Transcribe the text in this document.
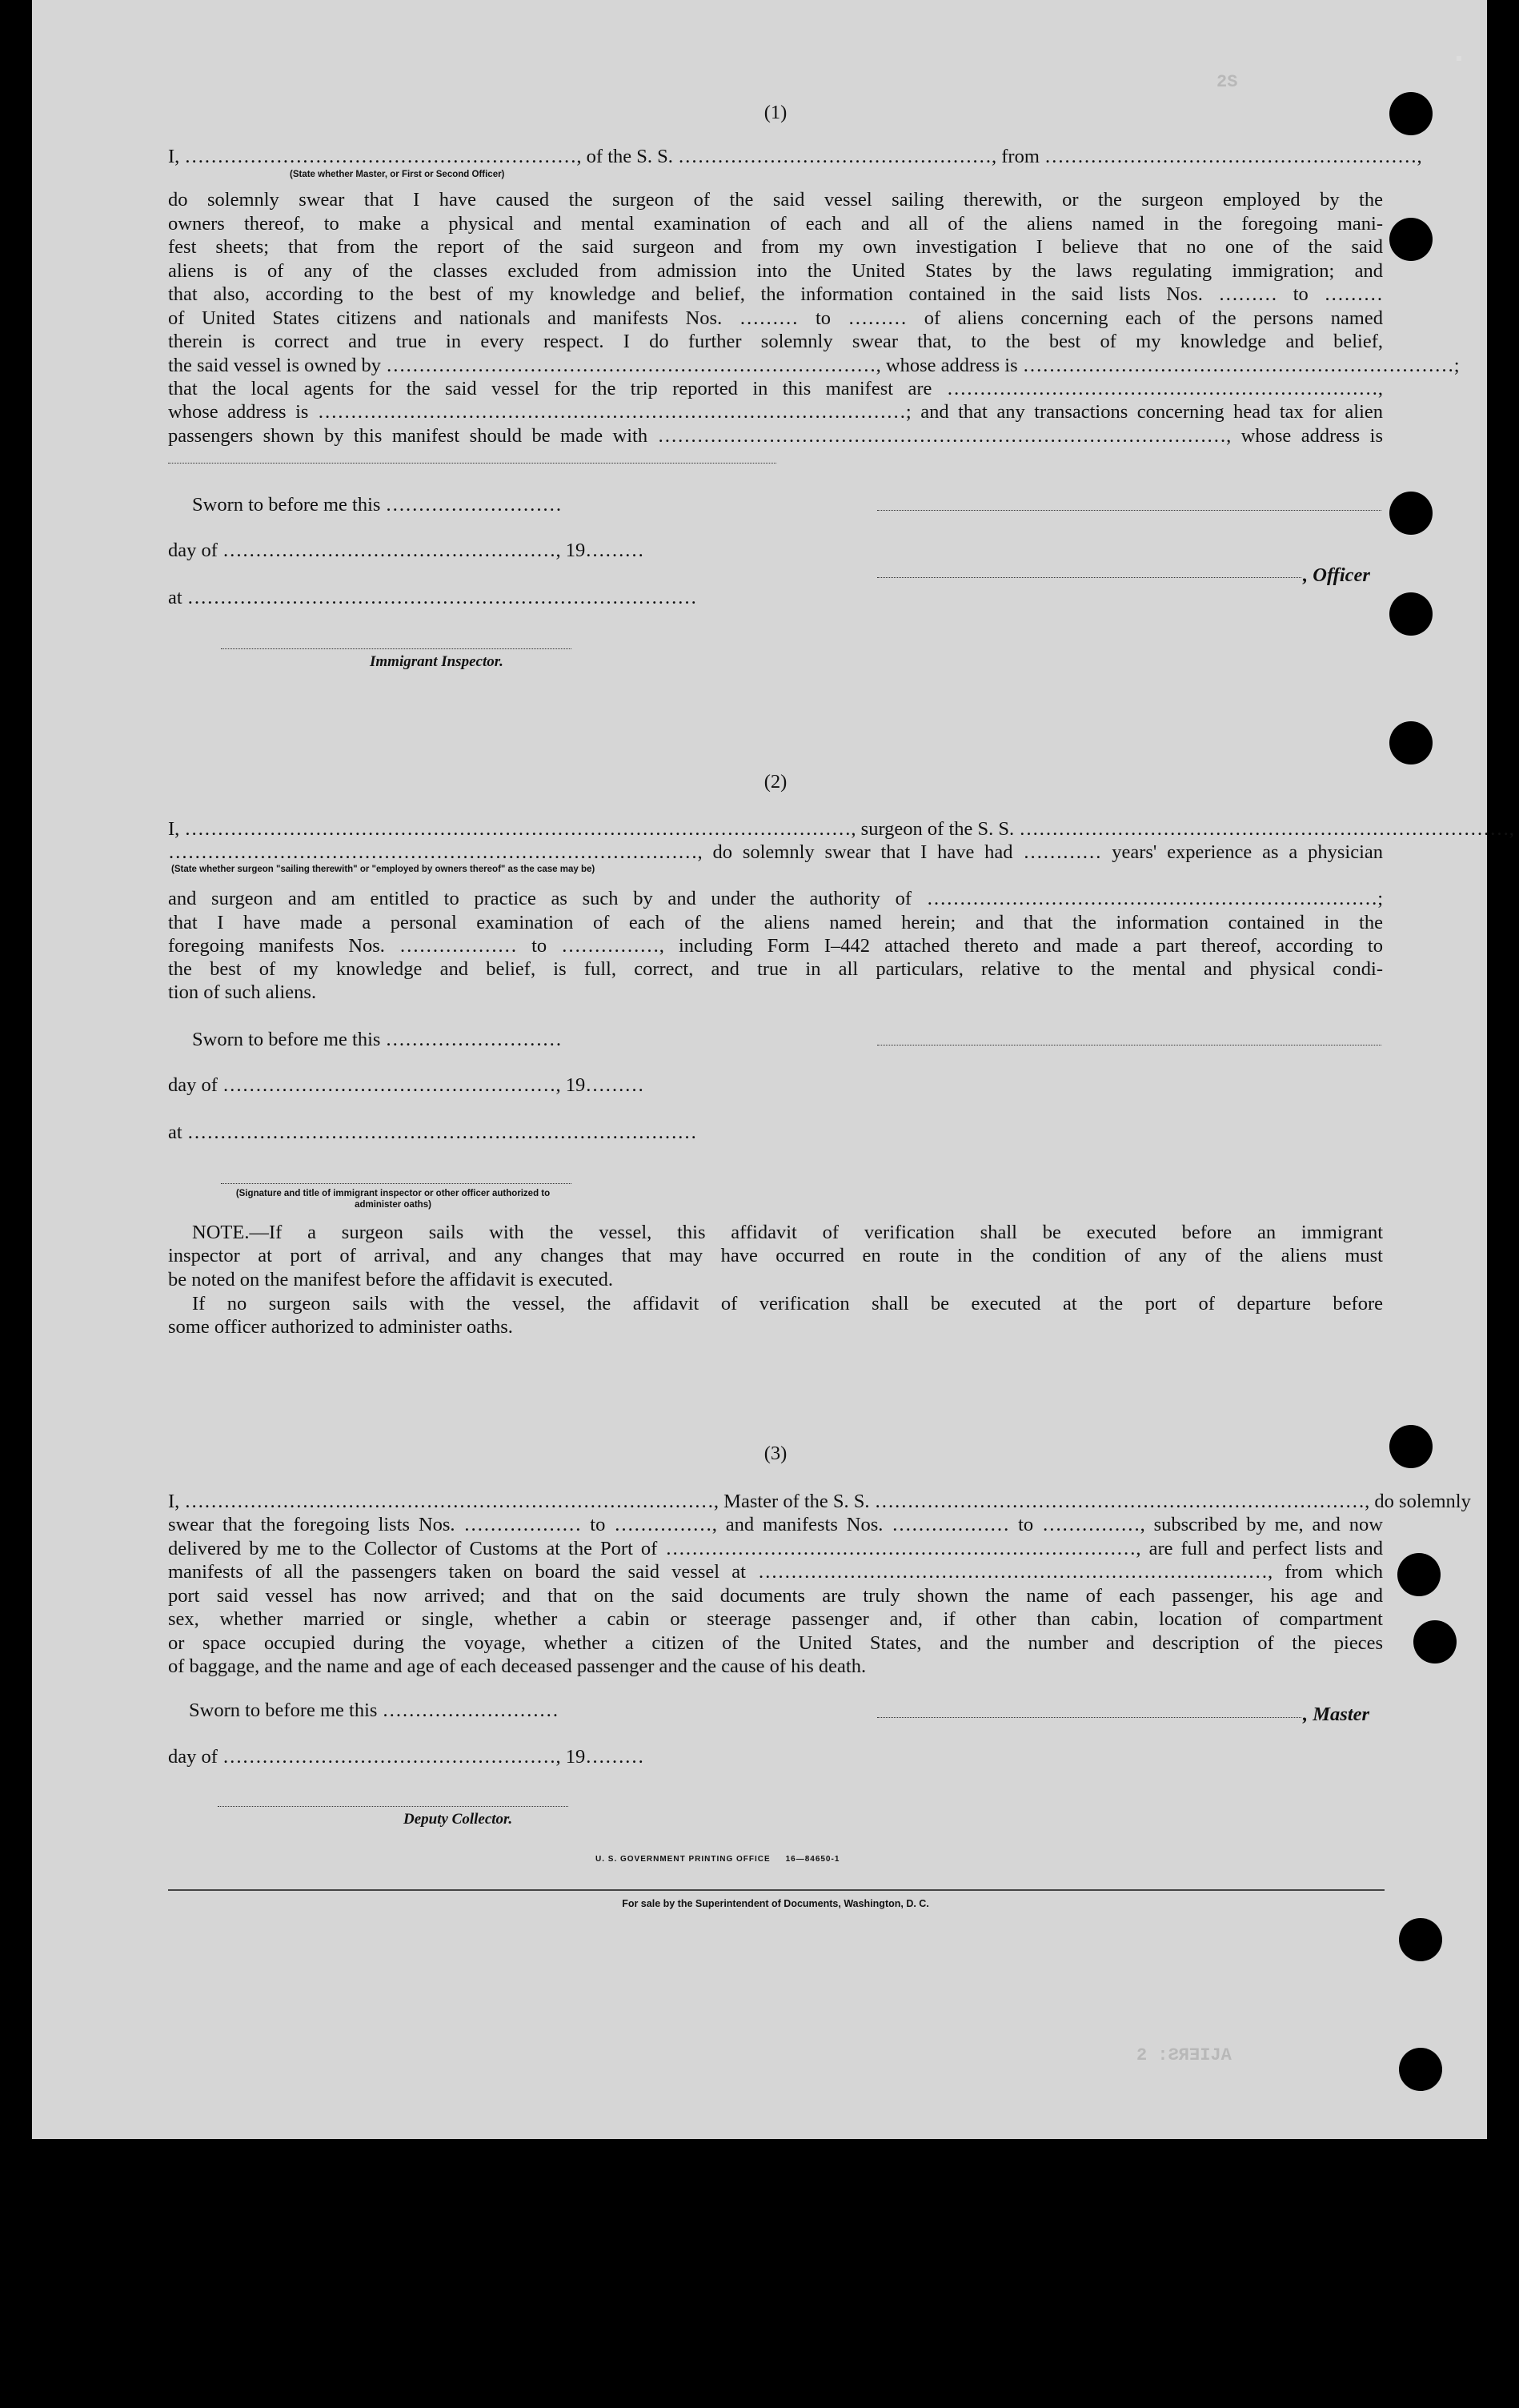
2S
2 :ƧЯƎIJA
(1)
I, ……………………………………………………, of the S. S. …………………………………………, from …………………………………………………,
(State whether Master, or First or Second Officer)
do solemnly swear that I have caused the surgeon of the said vessel sailing therewith, or the surgeon employed by the
owners thereof, to make a physical and mental examination of each and all of the aliens named in the foregoing mani-
fest sheets; that from the report of the said surgeon and from my own investigation I believe that no one of the said
aliens is of any of the classes excluded from admission into the United States by the laws regulating immigration; and
that also, according to the best of my knowledge and belief, the information contained in the said lists Nos. ……… to ………
of United States citizens and nationals and manifests Nos. ……… to ……… of aliens concerning each of the persons named
therein is correct and true in every respect. I do further solemnly swear that, to the best of my knowledge and belief,
the said vessel is owned by …………………………………………………………………, whose address is …………………………………………………………;
that the local agents for the said vessel for the trip reported in this manifest are …………………………………………………………,
whose address is ………………………………………………………………………………; and that any transactions concerning head tax for alien
passengers shown by this manifest should be made with ……………………………………………………………………………, whose address is
Sworn to before me this ………………………
day of ……………………………………………, 19………
, Officer
at ……………………………………………………………………
Immigrant Inspector.
(2)
I, …………………………………………………………………………………………, surgeon of the S. S. …………………………………………………………………,
………………………………………………………………………, do solemnly swear that I have had ………… years' experience as a physician
(State whether surgeon "sailing therewith" or "employed by owners thereof" as the case may be)
and surgeon and am entitled to practice as such by and under the authority of ……………………………………………………………;
that I have made a personal examination of each of the aliens named herein; and that the information contained in the
foregoing manifests Nos. ……………… to ……………, including Form I–442 attached thereto and made a part thereof, according to
the best of my knowledge and belief, is full, correct, and true in all particulars, relative to the mental and physical condi-
tion of such aliens.
Sworn to before me this ………………………
day of ……………………………………………, 19………
at ……………………………………………………………………
(Signature and title of immigrant inspector or other officer authorized to administer oaths)
NOTE.—If a surgeon sails with the vessel, this affidavit of verification shall be executed before an immigrant
inspector at port of arrival, and any changes that may have occurred en route in the condition of any of the aliens must
be noted on the manifest before the affidavit is executed.
If no surgeon sails with the vessel, the affidavit of verification shall be executed at the port of departure before
some officer authorized to administer oaths.
(3)
I, ………………………………………………………………………, Master of the S. S. …………………………………………………………………, do solemnly
swear that the foregoing lists Nos. ……………… to ……………, and manifests Nos. ……………… to ……………, subscribed by me, and now
delivered by me to the Collector of Customs at the Port of ………………………………………………………………, are full and perfect lists and
manifests of all the passengers taken on board the said vessel at ……………………………………………………………………, from which
port said vessel has now arrived; and that on the said documents are truly shown the name of each passenger, his age and
sex, whether married or single, whether a cabin or steerage passenger and, if other than cabin, location of compartment
or space occupied during the voyage, whether a citizen of the United States, and the number and description of the pieces
of baggage, and the name and age of each deceased passenger and the cause of his death.
Sworn to before me this ………………………	, Master
day of ……………………………………………, 19………
Deputy Collector.
U. S. GOVERNMENT PRINTING OFFICE     16—84650-1
For sale by the Superintendent of Documents, Washington, D. C.
